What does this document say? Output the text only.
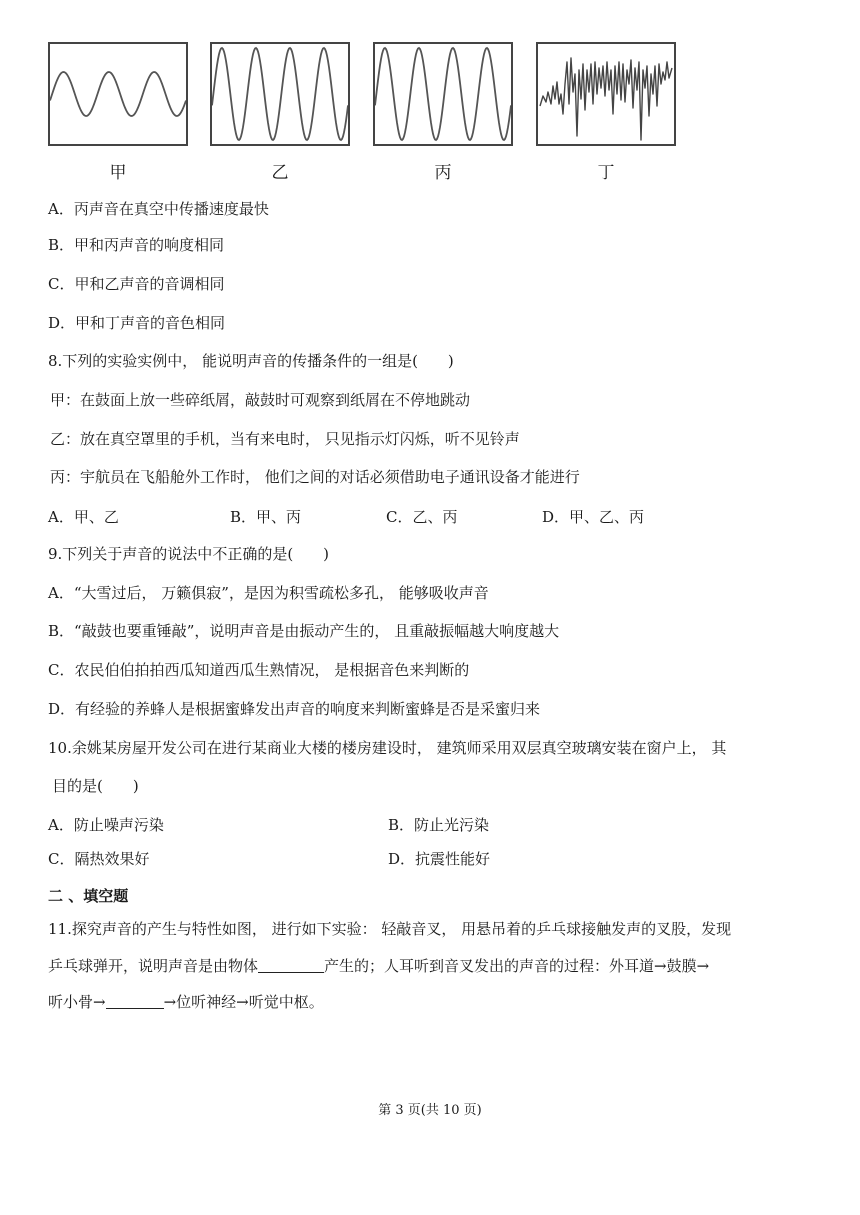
甲	乙	丙	丁
A．丙声音在真空中传播速度最快
B．甲和丙声音的响度相同
C．甲和乙声音的音调相同
D．甲和丁声音的音色相同
8.下列的实验实例中， 能说明声音的传播条件的一组是(　　)
甲：在鼓面上放一些碎纸屑，敲鼓时可观察到纸屑在不停地跳动
乙：放在真空罩里的手机，当有来电时， 只见指示灯闪烁，听不见铃声
丙：宇航员在飞船舱外工作时， 他们之间的对话必须借助电子通讯设备才能进行
A．甲、乙	B．甲、丙	C．乙、丙	D．甲、乙、丙
9.下列关于声音的说法中不正确的是(　　)
A．“大雪过后， 万籁俱寂”，是因为积雪疏松多孔， 能够吸收声音
B．“敲鼓也要重锤敲”，说明声音是由振动产生的， 且重敲振幅越大响度越大
C．农民伯伯拍拍西瓜知道西瓜生熟情况， 是根据音色来判断的
D．有经验的养蜂人是根据蜜蜂发出声音的响度来判断蜜蜂是否是采蜜归来
10.余姚某房屋开发公司在进行某商业大楼的楼房建设时， 建筑师采用双层真空玻璃安装在窗户上， 其
目的是(　　)
A．防止噪声污染	B．防止光污染
C．隔热效果好	D．抗震性能好
二 、填空题
11.探究声音的产生与特性如图， 进行如下实验： 轻敲音叉， 用悬吊着的乒乓球接触发声的叉股，发现
乒乓球弹开，说明声音是由物体	产生的；人耳听到音叉发出的声音的过程：外耳道→鼓膜→
听小骨→	→位听神经→听觉中枢。
第 3 页(共 10 页)
